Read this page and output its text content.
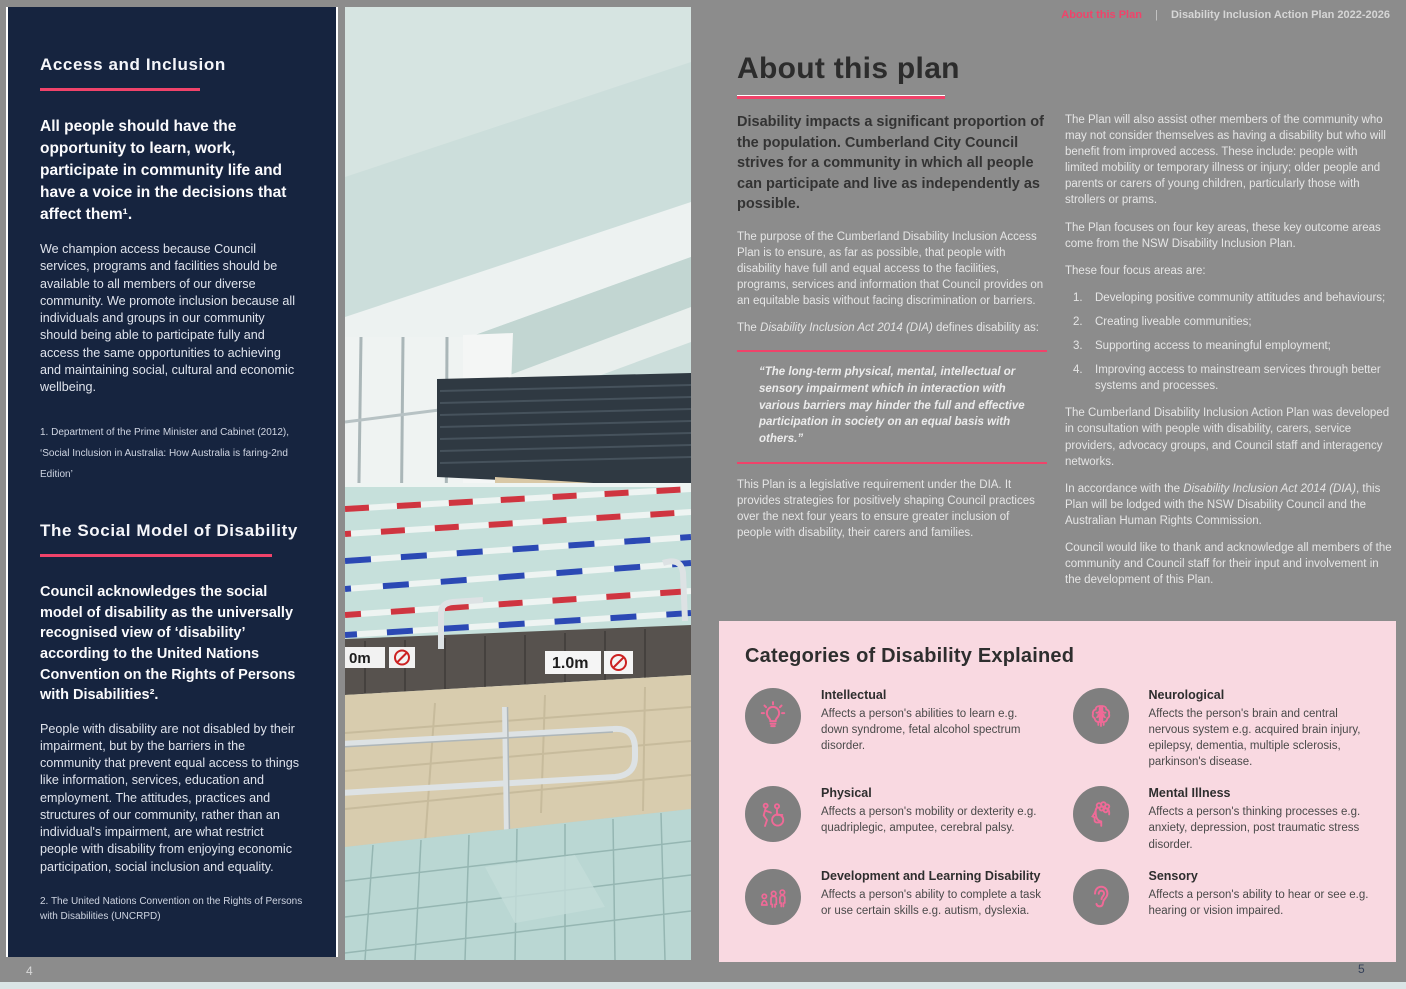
Access and Inclusion
All people should have the opportunity to learn, work, participate in community life and have a voice in the decisions that affect them¹.
We champion access because Council services, programs and facilities should be available to all members of our diverse community. We promote inclusion because all individuals and groups in our community should being able to participate fully and access the same opportunities to achieving and maintaining social, cultural and economic wellbeing.
1. Department of the Prime Minister and Cabinet (2012), ‘Social Inclusion in Australia: How Australia is faring-2nd Edition’
The Social Model of Disability
Council acknowledges the social model of disability as the universally recognised view of ‘disability’ according to the United Nations Convention on the Rights of Persons with Disabilities².
People with disability are not disabled by their impairment, but by the barriers in the community that prevent equal access to things like information, services, education and employment. The attitudes, practices and structures of our community, rather than an individual's impairment, are what restrict people with disability from enjoying economic participation, social inclusion and equality.
2. The United Nations Convention on the Rights of Persons with Disabilities (UNCRPD)
0m	1.0m
About this Plan | Disability Inclusion Action Plan 2022-2026
About this plan

Disability impacts a significant proportion of the population. Cumberland City Council strives for a community in which all people can participate and live as independently as possible.

The purpose of the Cumberland Disability Inclusion Access Plan is to ensure, as far as possible, that people with disability have full and equal access to the facilities, programs, services and information that Council provides on an equitable basis without facing discrimination or barriers.

The Disability Inclusion Act 2014 (DIA) defines disability as:

“The long-term physical, mental, intellectual or sensory impairment which in interaction with various barriers may hinder the full and effective participation in society on an equal basis with others.”

This Plan is a legislative requirement under the DIA. It provides strategies for positively shaping Council practices over the next four years to ensure greater inclusion of people with disability, their carers and families.

The Plan will also assist other members of the community who may not consider themselves as having a disability but who will benefit from improved access. These include: people with limited mobility or temporary illness or injury; older people and parents or carers of young children, particularly those with strollers or prams.

The Plan focuses on four key areas, these key outcome areas come from the NSW Disability Inclusion Plan.

These four focus areas are:

Developing positive community attitudes and behaviours;
Creating liveable communities;
Supporting access to meaningful employment;
Improving access to mainstream services through better systems and processes.

The Cumberland Disability Inclusion Action Plan was developed in consultation with people with disability, carers, service providers, advocacy groups, and Council staff and interagency networks.

In accordance with the Disability Inclusion Act 2014 (DIA), this Plan will be lodged with the NSW Disability Council and the Australian Human Rights Commission.

Council would like to thank and acknowledge all members of the community and Council staff for their input and involvement in the development of this Plan.

Categories of Disability Explained
Intellectual
Affects a person's abilities to learn e.g. down syndrome, fetal alcohol spectrum disorder.
Neurological
Affects the person's brain and central nervous system e.g. acquired brain injury, epilepsy, dementia, multiple sclerosis, parkinson's disease.
Physical
Affects a person's mobility or dexterity e.g. quadriplegic, amputee, cerebral palsy.
Mental Illness
Affects a person's thinking processes e.g. anxiety, depression, post traumatic stress disorder.
Development and Learning Disability
Affects a person's ability to complete a task or use certain skills e.g. autism, dyslexia.
Sensory
Affects a person's ability to hear or see e.g. hearing or vision impaired.
4	5
